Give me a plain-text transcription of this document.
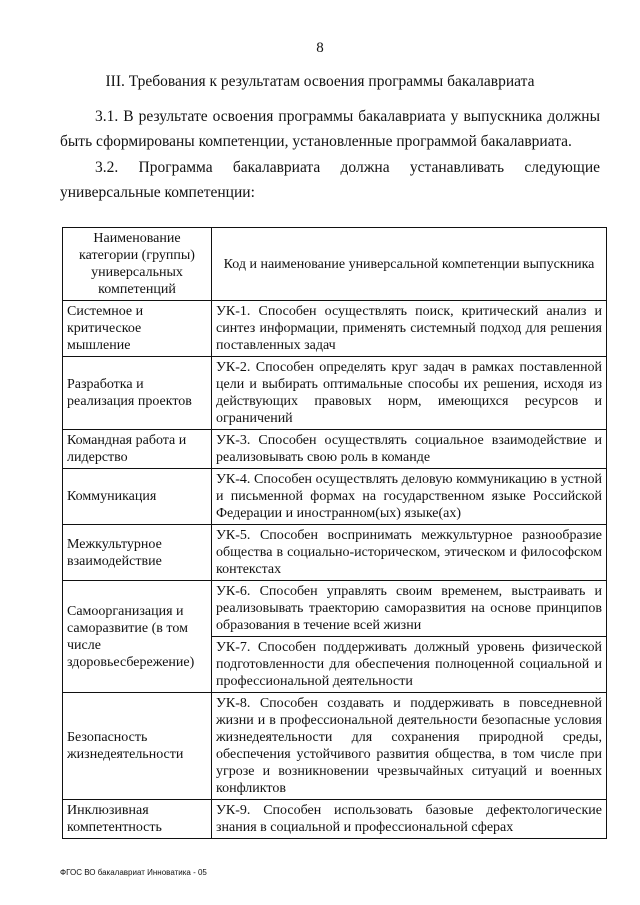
8
III. Требования к результатам освоения программы бакалавриата
3.1. В результате освоения программы бакалавриата у выпускника должны быть сформированы компетенции, установленные программой бакалавриата.
3.2. Программа бакалавриата должна устанавливать следующие
универсальные компетенции:
Наименование категории (группы) универсальных компетенций	Код и наименование универсальной компетенции выпускника
Системное и критическое мышление	УК-1. Способен осуществлять поиск, критический анализ и синтез информации, применять системный подход для решения поставленных задач
Разработка и реализация проектов	УК-2. Способен определять круг задач в рамках поставленной цели и выбирать оптимальные способы их решения, исходя из действующих правовых норм, имеющихся ресурсов и ограничений
Командная работа и лидерство	УК-3. Способен осуществлять социальное взаимодействие и реализовывать свою роль в команде
Коммуникация	УК-4. Способен осуществлять деловую коммуникацию в устной и письменной формах на государственном языке Российской Федерации и иностранном(ых) языке(ах)
Межкультурное взаимодействие	УК-5. Способен воспринимать межкультурное разнообразие общества в социально-историческом, этическом и философском контекстах
Самоорганизация и саморазвитие (в том числе здоровьесбережение)	УК-6. Способен управлять своим временем, выстраивать и реализовывать траекторию саморазвития на основе принципов образования в течение всей жизни
	УК-7. Способен поддерживать должный уровень физической подготовленности для обеспечения полноценной социальной и профессиональной деятельности
Безопасность жизнедеятельности	УК-8. Способен создавать и поддерживать в повседневной жизни и в профессиональной деятельности безопасные условия жизнедеятельности для сохранения природной среды, обеспечения устойчивого развития общества, в том числе при угрозе и возникновении чрезвычайных ситуаций и военных конфликтов
Инклюзивная компетентность	УК-9. Способен использовать базовые дефектологические знания в социальной и профессиональной сферах
ФГОС ВО бакалавриат Инноватика - 05
